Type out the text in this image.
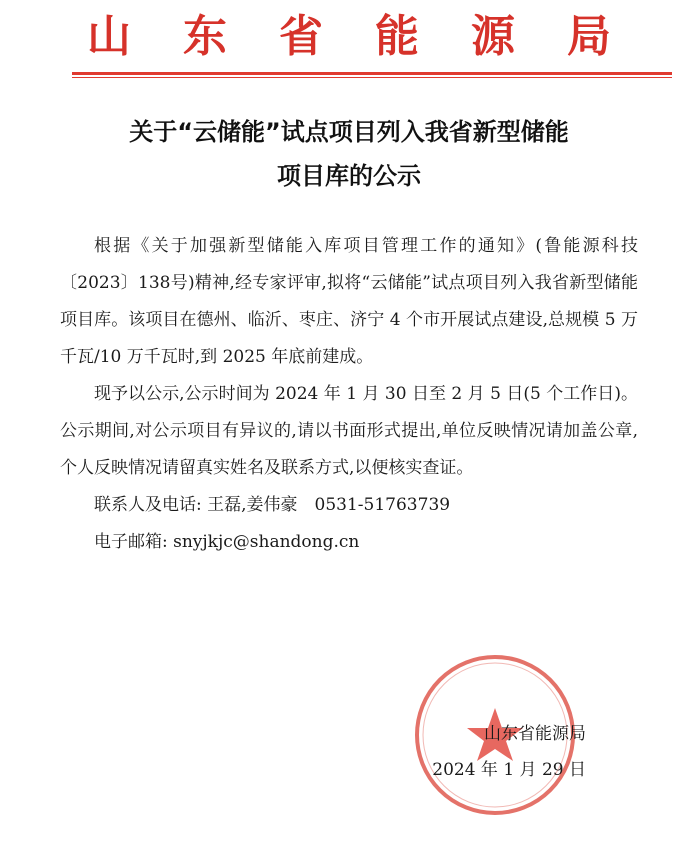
山东省能源局
关于“云储能”试点项目列入我省新型储能
项目库的公示

根据《关于加强新型储能入库项目管理工作的通知》(鲁能源科技〔2023〕138号)精神,经专家评审,拟将“云储能”试点项目列入我省新型储能项目库。该项目在德州、临沂、枣庄、济宁 4 个市开展试点建设,总规模 5 万千瓦/10 万千瓦时,到 2025 年底前建成。

现予以公示,公示时间为 2024 年 1 月 30 日至 2 月 5 日(5 个工作日)。公示期间,对公示项目有异议的,请以书面形式提出,单位反映情况请加盖公章,个人反映情况请留真实姓名及联系方式,以便核实查证。

联系人及电话: 王磊,姜伟豪　0531-51763739

电子邮箱: snyjkjc@shandong.cn

山东省能源局
2024 年 1 月 29 日
